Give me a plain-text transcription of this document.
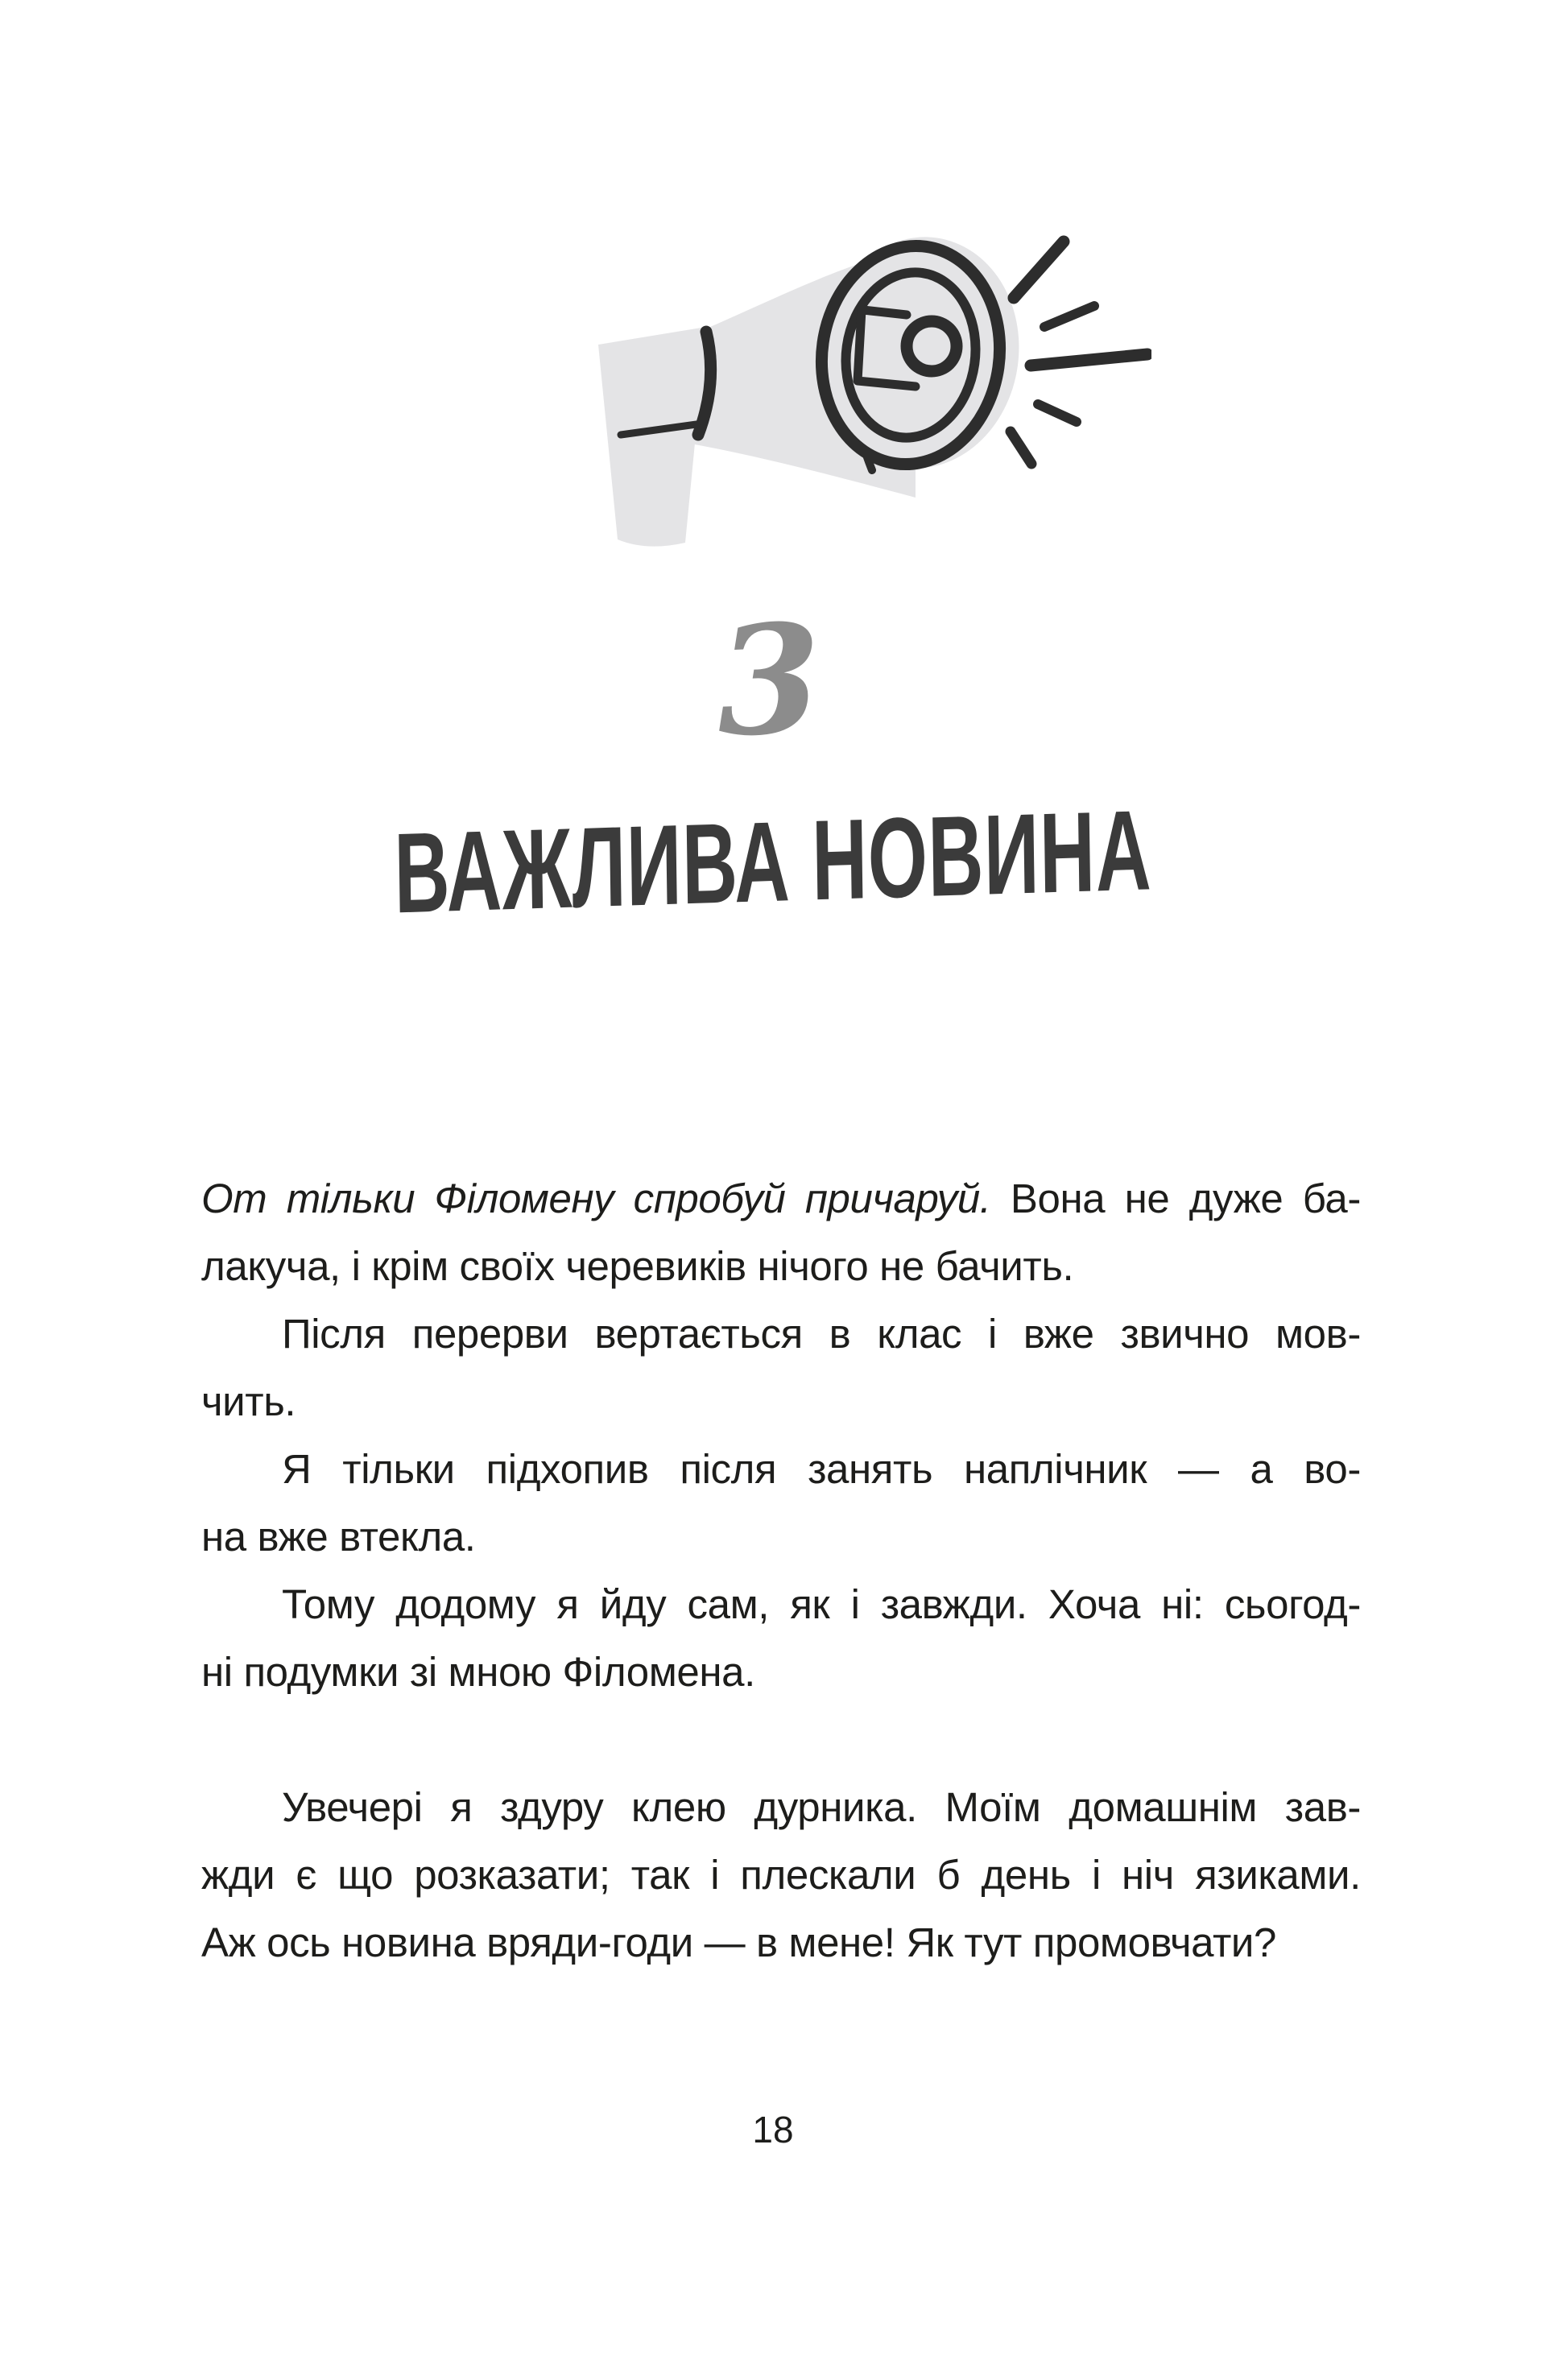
3
ВАЖЛИВА НОВИНА
От тільки Філомену спробуй причаруй. Вона не дуже ба-
лакуча, і крім своїх черевиків нічого не бачить.
Після перерви вертається в клас і вже звично мов-
чить.
Я тільки підхопив після занять наплічник — а во-
на вже втекла.
Тому додому я йду сам, як і завжди. Хоча ні: сьогод-
ні подумки зі мною Філомена.
Увечері я здуру клею дурника. Моїм домашнім зав-
жди є що розказати; так і плескали б день і ніч язиками.
Аж ось новина вряди-годи — в мене! Як тут промовчати?
18
